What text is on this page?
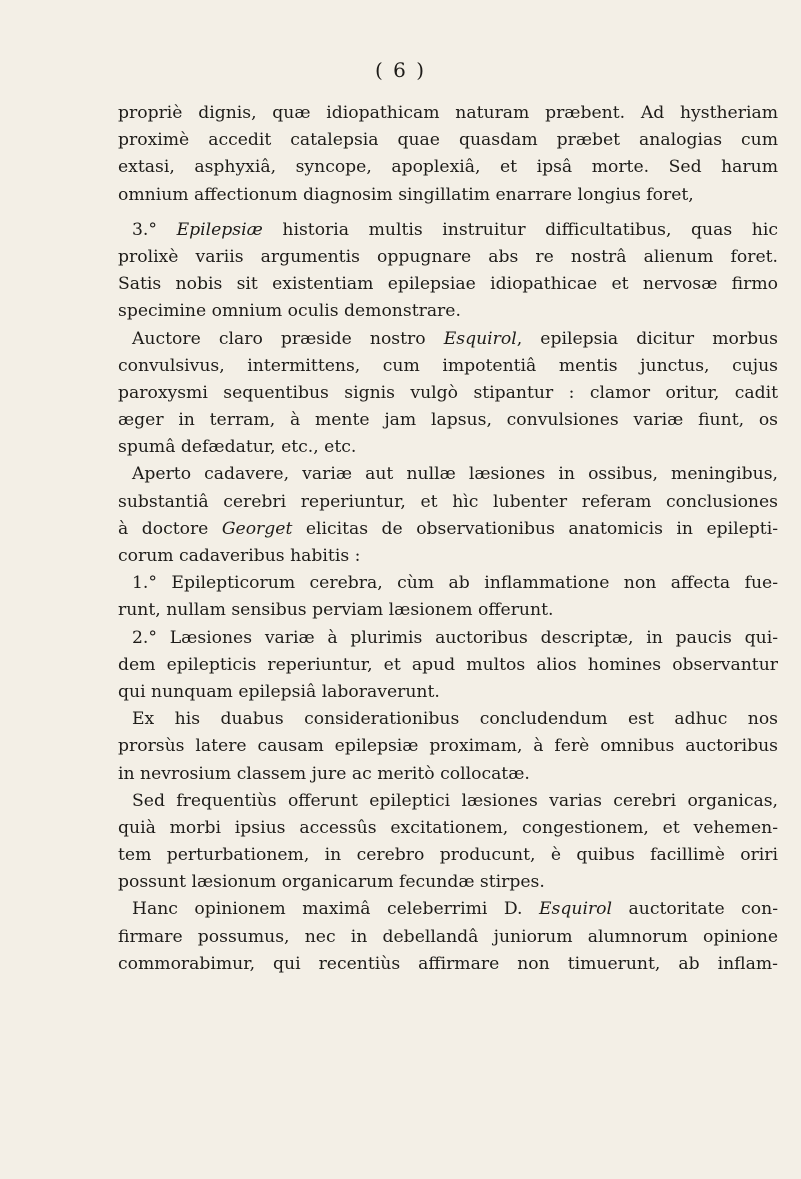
( 6 )
propriè dignis, quæ idiopathicam naturam præbent. Ad hystheriam
proximè accedit catalepsia quae quasdam præbet analogias cum
extasi, asphyxiâ, syncope, apoplexiâ, et ipsâ morte. Sed harum
omnium affectionum diagnosim singillatim enarrare longius foret,
3.° Epilepsiæ historia multis instruitur difficultatibus, quas hic
prolixè variis argumentis oppugnare abs re nostrâ alienum foret.
Satis nobis sit existentiam epilepsiae idiopathicae et nervosæ firmo
specimine omnium oculis demonstrare.
Auctore claro præside nostro Esquirol, epilepsia dicitur morbus
convulsivus, intermittens, cum impotentiâ mentis junctus, cujus
paroxysmi sequentibus signis vulgò stipantur : clamor oritur, cadit
æger in terram, à mente jam lapsus, convulsiones variæ fiunt, os
spumâ defædatur, etc., etc.
Aperto cadavere, variæ aut nullæ læsiones in ossibus, meningibus,
substantiâ cerebri reperiuntur, et hìc lubenter referam conclusiones
à doctore Georget elicitas de observationibus anatomicis in epilepti-
corum cadaveribus habitis :
1.° Epilepticorum cerebra, cùm ab inflammatione non affecta fue-
runt, nullam sensibus perviam læsionem offerunt.
2.° Læsiones variæ à plurimis auctoribus descriptæ, in paucis qui-
dem epilepticis reperiuntur, et apud multos alios homines observantur
qui nunquam epilepsiâ laboraverunt.
Ex his duabus considerationibus concludendum est adhuc nos
prorsùs latere causam epilepsiæ proximam, à ferè omnibus auctoribus
in nevrosium classem jure ac meritò collocatæ.
Sed frequentiùs offerunt epileptici læsiones varias cerebri organicas,
quià morbi ipsius accessûs excitationem, congestionem, et vehemen-
tem perturbationem, in cerebro producunt, è quibus facillimè oriri
possunt læsionum organicarum fecundæ stirpes.
Hanc opinionem maximâ celeberrimi D. Esquirol auctoritate con-
firmare possumus, nec in debellandâ juniorum alumnorum opinione
commorabimur, qui recentiùs affirmare non timuerunt, ab inflam-
